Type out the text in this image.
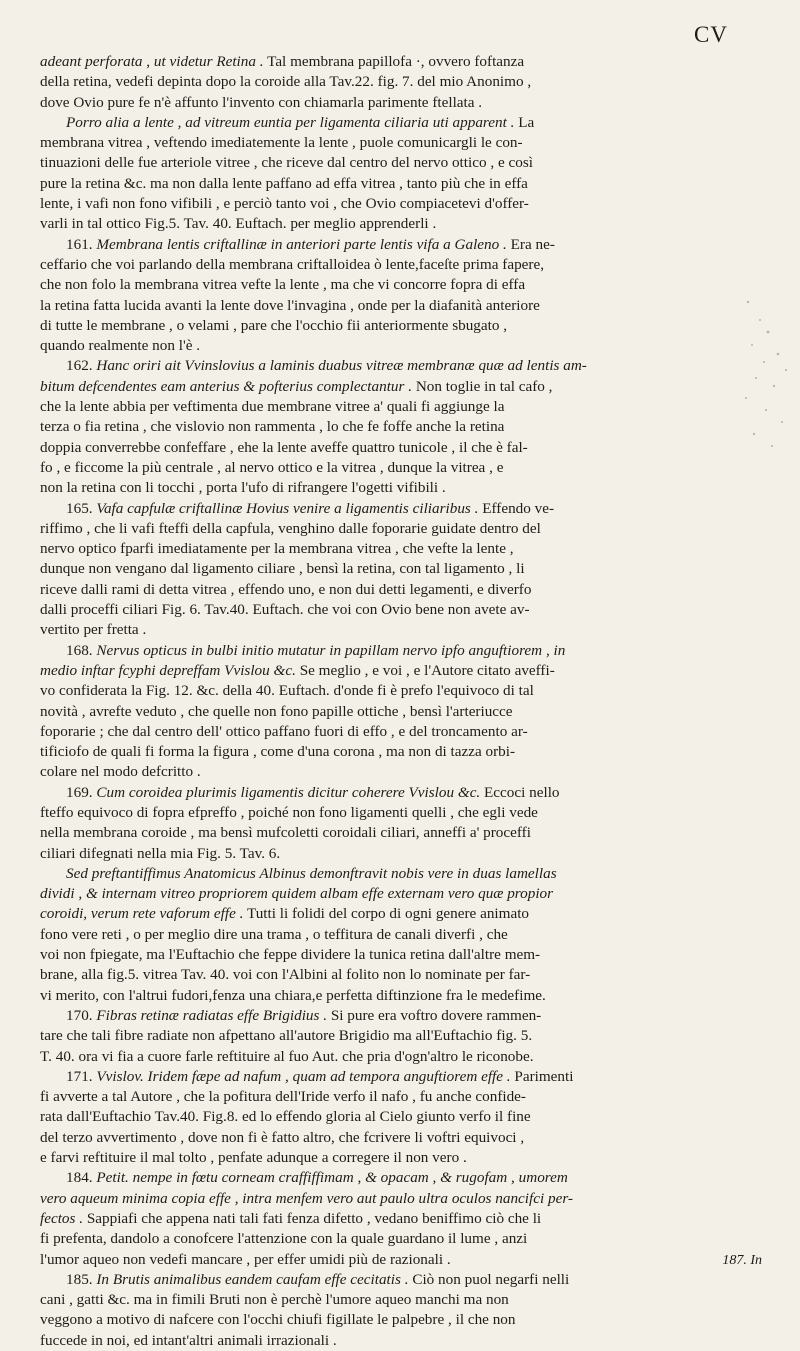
CV

adeant perforata , ut videtur Retina . Tal membrana papillofa ·, ovvero foftanza

della retina, vedefi depinta dopo la coroide alla Tav.22. fig. 7. del mio Anonimo ,

dove Ovio pure fe n'è affunto l'invento con chiamarla parimente ftellata .

Porro alia a lente , ad vitreum euntia per ligamenta ciliaria uti apparent . La

membrana vitrea , veftendo imediatemente la lente , puole comunicargli le con-

tinuazioni delle fue arteriole vitree , che riceve dal centro del nervo ottico , e così

pure la retina &c. ma non dalla lente paffano ad effa vitrea , tanto più che in effa

lente, i vafi non fono vifibili , e perciò tanto voi , che Ovio compiacetevi d'offer-

varli in tal ottico Fig.5. Tav. 40. Euftach. per meglio apprenderli .

161. Membrana lentis criftallinæ in anteriori parte lentis vifa a Galeno . Era ne-

ceffario che voi parlando della membrana criftalloidea ò lente,faceſte prima fapere,

che non folo la membrana vitrea vefte la lente , ma che vi concorre fopra di effa

la retina fatta lucida avanti la lente dove l'invagina , onde per la diafanità anteriore

di tutte le membrane , o velami , pare che l'occhio fii anteriormente sbugato ,

quando realmente non l'è .

162. Hanc oriri ait Vvinslovius a laminis duabus vitreæ membranæ quæ ad lentis am-

bitum defcendentes eam anterius & pofterius complectantur . Non toglie in tal cafo ,

che la lente abbia per veftimenta due membrane vitree a' quali fi aggiunge la

terza o fia retina , che vislovio non rammenta , lo che fe foffe anche la retina

doppia converrebbe confeffare , ehe la lente aveffe quattro tunicole , il che è fal-

fo , e ficcome la più centrale , al nervo ottico e la vitrea , dunque la vitrea , e

non la retina con li tocchi , porta l'ufo di rifrangere l'ogetti vifibili .

165. Vafa capfulæ criftallinæ Hovius venire a ligamentis ciliaribus . Effendo ve-

riffimo , che li vafi fteffi della capfula, venghino dalle foporarie guidate dentro del

nervo optico fparfi imediatamente per la membrana vitrea , che vefte la lente ,

dunque non vengano dal ligamento ciliare , bensì la retina, con tal ligamento , li

riceve dalli rami di detta vitrea , effendo uno, e non dui detti legamenti, e diverfo

dalli proceffi ciliari Fig. 6. Tav.40. Euftach. che voi con Ovio bene non avete av-

vertito per fretta .

168. Nervus opticus in bulbi initio mutatur in papillam nervo ipfo anguftiorem , in

medio inftar fcyphi depreffam Vvislou &c. Se meglio , e voi , e l'Autore citato aveffi-

vo confiderata la Fig. 12. &c. della 40. Euftach. d'onde fi è prefo l'equivoco di tal

novità , avrefte veduto , che quelle non fono papille ottiche , bensì l'arteriucce

foporarie ; che dal centro dell' ottico paffano fuori di effo , e del troncamento ar-

tificiofo de quali fi forma la figura , come d'una corona , ma non di tazza orbi-

colare nel modo defcritto .

169. Cum coroidea plurimis ligamentis dicitur coherere Vvislou &c. Eccoci nello

fteffo equivoco di fopra efpreffo , poiché non fono ligamenti quelli , che egli vede

nella membrana coroide , ma bensì mufcoletti coroidali ciliari, anneffi a' proceffi

ciliari difegnati nella mia Fig. 5. Tav. 6.

Sed preftantiffimus Anatomicus Albinus demonftravit nobis vere in duas lamellas

dividi , & internam vitreo propriorem quidem albam effe externam vero quæ propior

coroidi, verum rete vaforum effe . Tutti li folidi del corpo di ogni genere animato

fono vere reti , o per meglio dire una trama , o teffitura de canali diverfi , che

voi non fpiegate, ma l'Euftachio che feppe dividere la tunica retina dall'altre mem-

brane, alla fig.5. vitrea Tav. 40. voi con l'Albini al folito non lo nominate per far-

vi merito, con l'altrui fudori,fenza una chiara,e perfetta diftinzione fra le medefime.

170. Fibras retinæ radiatas effe Brigidius . Si pure era voftro dovere rammen-

tare che tali fibre radiate non afpettano all'autore Brigidio ma all'Euftachio fig. 5.

T. 40. ora vi fia a cuore farle reftituire al fuo Aut. che pria d'ogn'altro le riconobe.

171. Vvislov. Iridem fæpe ad nafum , quam ad tempora anguftiorem effe . Parimenti

fi avverte a tal Autore , che la pofitura dell'Iride verfo il nafo , fu anche confide-

rata dall'Euftachio Tav.40. Fig.8. ed lo effendo gloria al Cielo giunto verfo il fine

del terzo avvertimento , dove non fi è fatto altro, che fcrivere li voftri equivoci ,

e farvi reftituire il mal tolto , penfate adunque a corregere il non vero .

184. Petit. nempe in fœtu corneam craffiffimam , & opacam , & rugofam , umorem

vero aqueum minima copia effe , intra menfem vero aut paulo ultra oculos nancifci per-

fectos . Sappiafi che appena nati tali fati fenza difetto , vedano beniffimo ciò che li

fi prefenta, dandolo a conofcere l'attenzione con la quale guardano il lume , anzi

l'umor aqueo non vedefi mancare , per effer umidi più de razionali .

185. In Brutis animalibus eandem caufam effe cecitatis . Ciò non puol negarfi nelli

cani , gatti &c. ma in fimili Bruti non è perchè l'umore aqueo manchi ma non

veggono a motivo di nafcere con l'occhi chiufi figillate le palpebre , il che non

fuccede in noi, ed intant'altri animali irrazionali .

187. In
